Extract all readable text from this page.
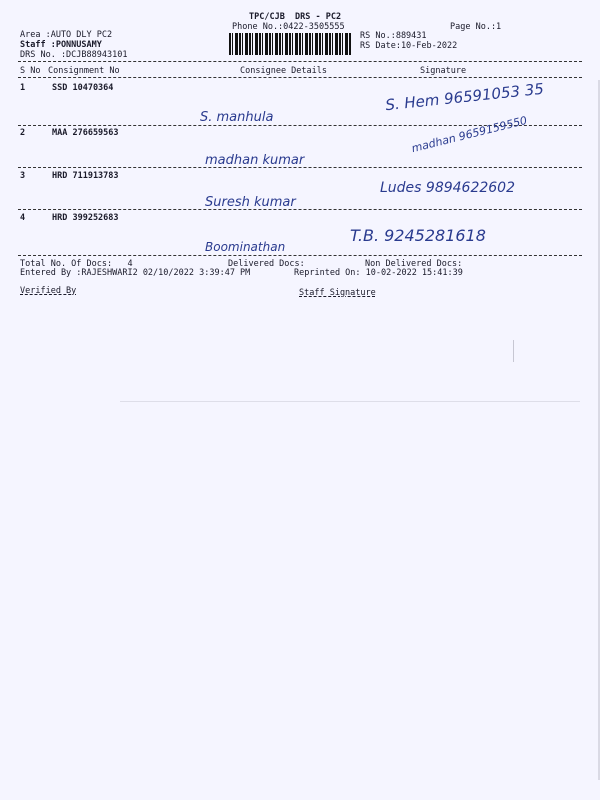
TPC/CJB  DRS - PC2
Phone No.:0422-3505555	Page No.:1
Area :AUTO DLY PC2
Staff :PONNUSAMY
DRS No. :DCJB88943101
RS No.:889431
RS Date:10-Feb-2022
S No Consignment No	Consignee Details	Signature
1	SSD 10470364
S. manhula
S. Hem 96591053 35
2	MAA 276659563
madhan kumar
madhan 9659159550
3	HRD 711913783
Suresh kumar
Ludes 9894622602
4	HRD 399252683
Boominathan
T.B. 9245281618
Total No. Of Docs:   4	Delivered Docs:	Non Delivered Docs:
Entered By :RAJESHWARI2 02/10/2022 3:39:47 PM	Reprinted On: 10-02-2022 15:41:39
Verified By	Staff Signature
